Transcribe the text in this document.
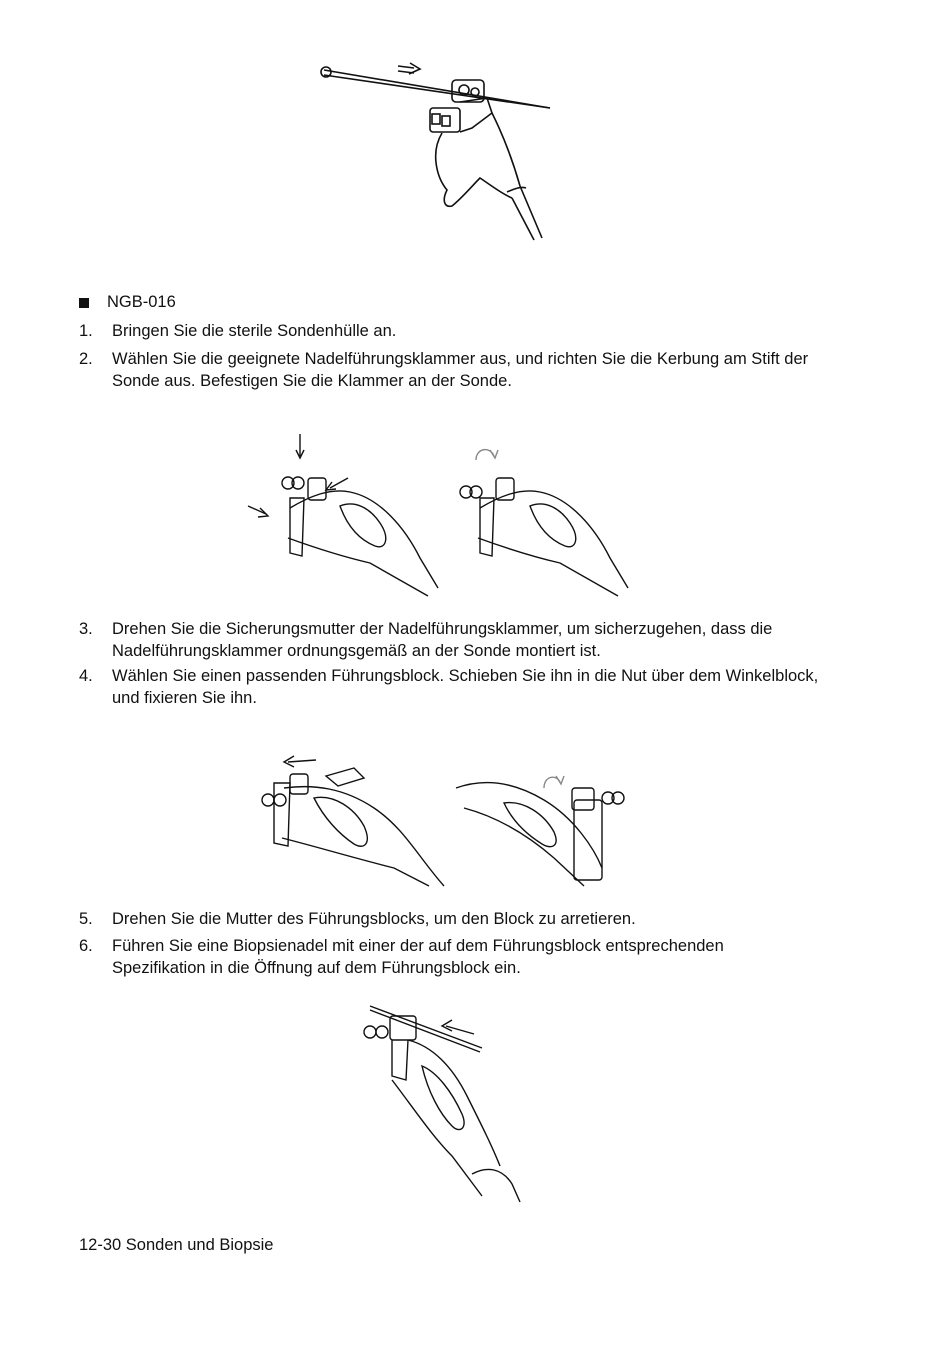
NGB-016
1.	Bringen Sie die sterile Sondenhülle an.
2.	Wählen Sie die geeignete Nadelführungsklammer aus, und richten Sie die Kerbung am Stift der Sonde aus. Befestigen Sie die Klammer an der Sonde.
3.	Drehen Sie die Sicherungsmutter der Nadelführungsklammer, um sicherzugehen, dass die Nadelführungsklammer ordnungsgemäß an der Sonde montiert ist.
4.	Wählen Sie einen passenden Führungsblock. Schieben Sie ihn in die Nut über dem Winkelblock, und fixieren Sie ihn.
5.	Drehen Sie die Mutter des Führungsblocks, um den Block zu arretieren.
6.	Führen Sie eine Biopsienadel mit einer der auf dem Führungsblock entsprechenden Spezifikation in die Öffnung auf dem Führungsblock ein.
12-30 Sonden und Biopsie
